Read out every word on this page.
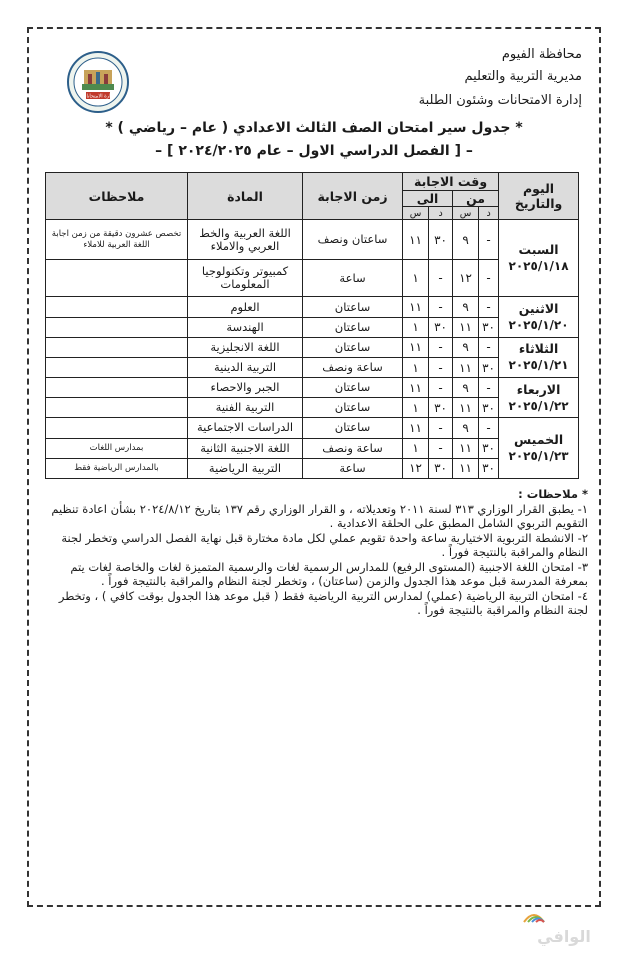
إدارة الامتحانات
محافظة الفيوم
مديرية التربية والتعليم
إدارة الامتحانات وشئون الطلبة
* جدول سير امتحان الصف الثالث الاعدادي ( عام – رياضي ) *
– [ الفصل الدراسي الاول – عام ٢٠٢٤/٢٠٢٥ ] –
اليوم والتاريخ	وقت الاجابة				زمن الاجابة	المادة	ملاحظات
	من		الى				
	د	س	د	س			
السبت
٢٠٢٥/١/١٨	-	٩	٣٠	١١	ساعتان ونصف	اللغة العربية والخط العربي والاملاء	تخصص عشرون دقيقة من زمن اجابة اللغة العربية للاملاء
	-	١٢	-	١	ساعة	كمبيوتر وتكنولوجيا المعلومات	
الاثنين
٢٠٢٥/١/٢٠	-	٩	-	١١	ساعتان	العلوم	
	٣٠	١١	٣٠	١	ساعتان	الهندسة	
الثلاثاء
٢٠٢٥/١/٢١	-	٩	-	١١	ساعتان	اللغة الانجليزية	
	٣٠	١١	-	١	ساعة ونصف	التربية الدينية	
الاربعاء
٢٠٢٥/١/٢٢	-	٩	-	١١	ساعتان	الجبر والاحصاء	
	٣٠	١١	٣٠	١	ساعتان	التربية الفنية	
الخميس
٢٠٢٥/١/٢٣	-	٩	-	١١	ساعتان	الدراسات الاجتماعية	
	٣٠	١١	-	١	ساعة ونصف	اللغة الاجنبية الثانية	بمدارس اللغات
	٣٠	١١	٣٠	١٢	ساعة	التربية الرياضية	بالمدارس الرياضية فقط

* ملاحظات :

١- يطبق القرار الوزاري ٣١٣ لسنة ٢٠١١ وتعديلاته ، و القرار الوزاري رقم ١٣٧ بتاريخ ٢٠٢٤/٨/١٢ بشأن اعادة تنظيم التقويم التربوي الشامل المطبق على الحلقة الاعدادية .

٢- الانشطة التربوية الاختيارية ساعة واحدة تقويم عملي لكل مادة مختارة قبل نهاية الفصل الدراسي وتخطر لجنة النظام والمراقبة بالنتيجة فوراً .

٣- امتحان اللغة الاجنبية (المستوى الرفيع) للمدارس الرسمية لغات والرسمية المتميزة لغات والخاصة لغات يتم بمعرفة المدرسة قبل موعد هذا الجدول والزمن (ساعتان) ، وتخطر لجنة النظام والمراقبة بالنتيجة فوراً .

٤- امتحان التربية الرياضية (عملي) لمدارس التربية الرياضية فقط ( قبل موعد هذا الجدول بوقت كافي ) ، وتخطر لجنة النظام والمراقبة بالنتيجة فوراً .

الوافي
